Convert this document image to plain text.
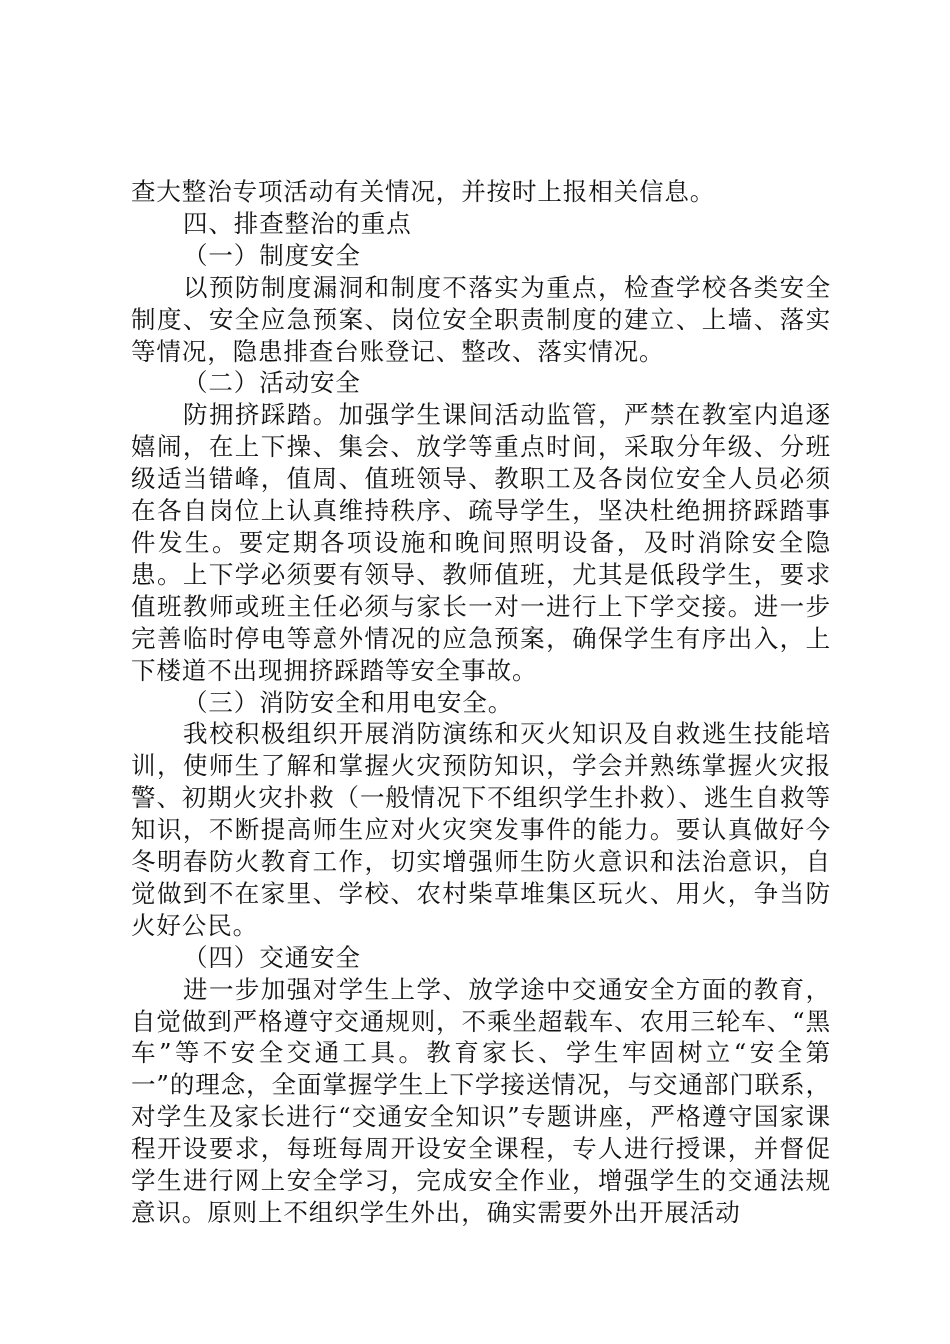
查大整治专项活动有关情况，并按时上报相关信息。

四、排查整治的重点

（一）制度安全

以预防制度漏洞和制度不落实为重点，检查学校各类安全制度、安全应急预案、岗位安全职责制度的建立、上墙、落实等情况，隐患排查台账登记、整改、落实情况。

（二）活动安全

防拥挤踩踏。加强学生课间活动监管，严禁在教室内追逐嬉闹，在上下操、集会、放学等重点时间，采取分年级、分班级适当错峰，值周、值班领导、教职工及各岗位安全人员必须在各自岗位上认真维持秩序、疏导学生，坚决杜绝拥挤踩踏事件发生。要定期各项设施和晚间照明设备，及时消除安全隐患。上下学必须要有领导、教师值班，尤其是低段学生，要求值班教师或班主任必须与家长一对一进行上下学交接。进一步完善临时停电等意外情况的应急预案，确保学生有序出入，上下楼道不出现拥挤踩踏等安全事故。

（三）消防安全和用电安全。

我校积极组织开展消防演练和灭火知识及自救逃生技能培训，使师生了解和掌握火灾预防知识，学会并熟练掌握火灾报警、初期火灾扑救（一般情况下不组织学生扑救）、逃生自救等知识，不断提高师生应对火灾突发事件的能力。要认真做好今冬明春防火教育工作，切实增强师生防火意识和法治意识，自觉做到不在家里、学校、农村柴草堆集区玩火、用火，争当防火好公民。

（四）交通安全

进一步加强对学生上学、放学途中交通安全方面的教育，自觉做到严格遵守交通规则，不乘坐超载车、农用三轮车、“黑车”等不安全交通工具。教育家长、学生牢固树立“安全第一”的理念，全面掌握学生上下学接送情况，与交通部门联系，对学生及家长进行“交通安全知识”专题讲座，严格遵守国家课程开设要求，每班每周开设安全课程，专人进行授课，并督促学生进行网上安全学习，完成安全作业，增强学生的交通法规意识。原则上不组织学生外出，确实需要外出开展活动
